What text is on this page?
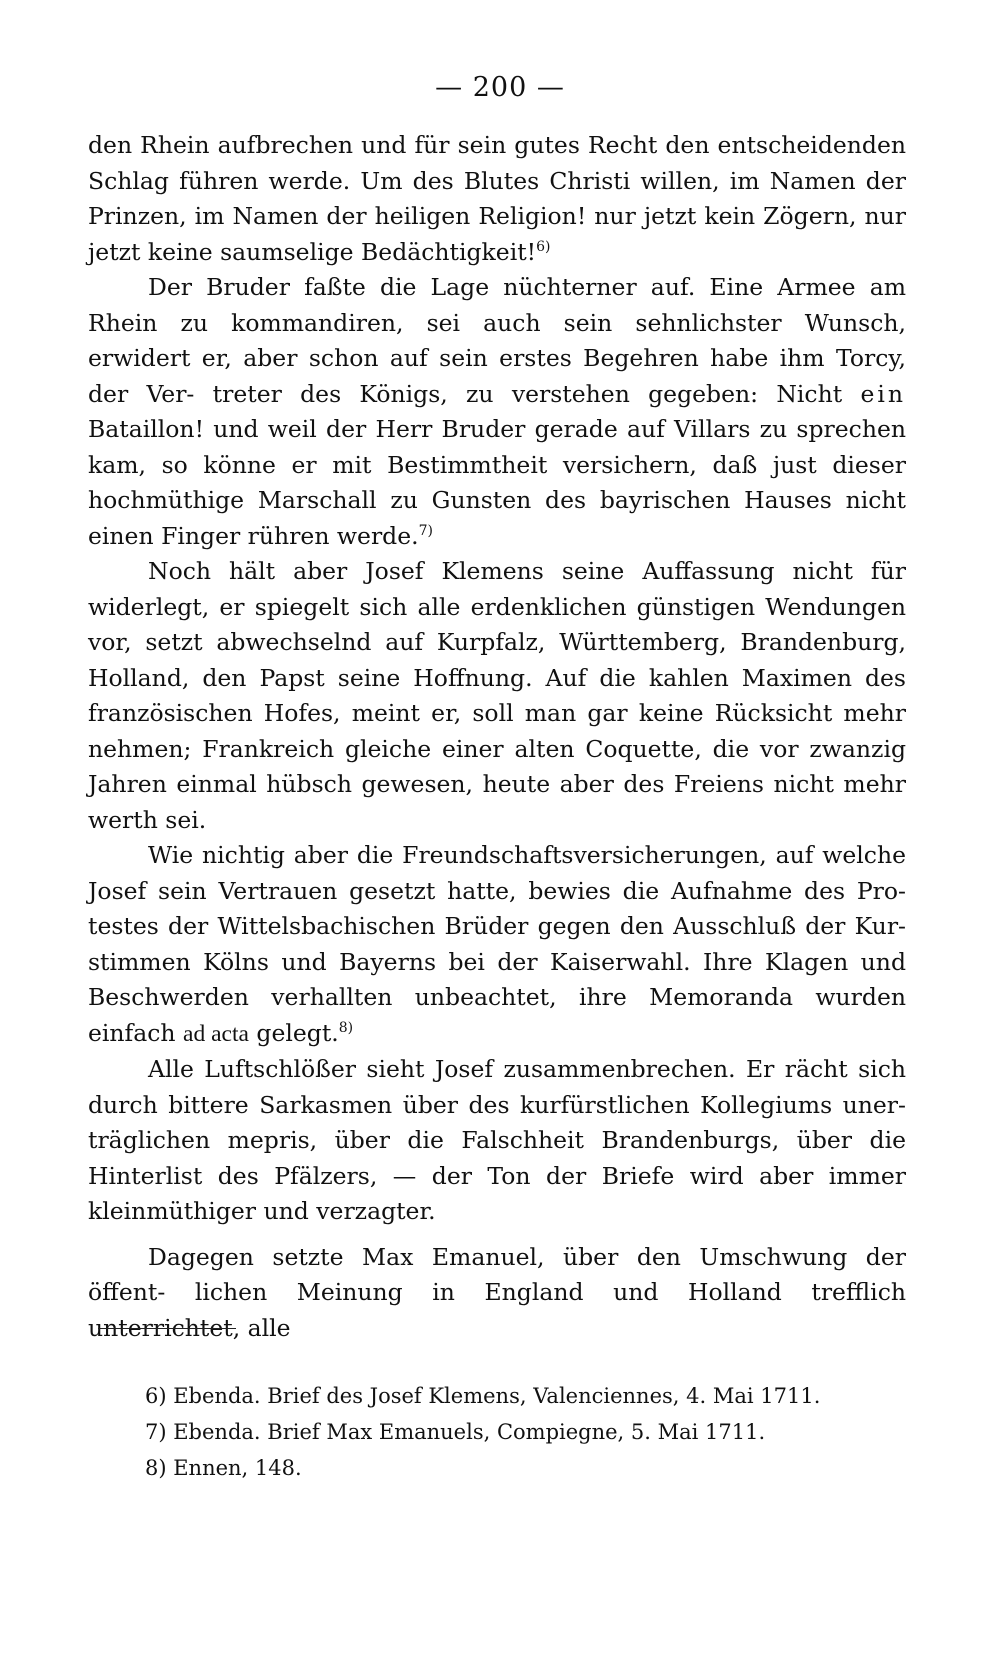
— 200 —

den Rhein aufbrechen und für sein gutes Recht den entscheidenden Schlag führen werde. Um des Blutes Christi willen, im Namen der Prinzen, im Namen der heiligen Religion! nur jetzt kein Zögern, nur jetzt keine saumselige Bedächtigkeit!$^{6)}$

Der Bruder faßte die Lage nüchterner auf. Eine Armee am Rhein zu kommandiren, sei auch sein sehnlichster Wunsch, erwidert er, aber schon auf sein erstes Begehren habe ihm Torcy, der Ver- treter des Königs, zu verstehen gegeben: Nicht ein Bataillon! und weil der Herr Bruder gerade auf Villars zu sprechen kam, so könne er mit Bestimmtheit versichern, daß just dieser hochmüthige Marschall zu Gunsten des bayrischen Hauses nicht einen Finger rühren werde.$^{7)}$

Noch hält aber Josef Klemens seine Auffassung nicht für widerlegt, er spiegelt sich alle erdenklichen günstigen Wendungen vor, setzt abwechselnd auf Kurpfalz, Württemberg, Brandenburg, Holland, den Papst seine Hoffnung. Auf die kahlen Maximen des französischen Hofes, meint er, soll man gar keine Rücksicht mehr nehmen; Frankreich gleiche einer alten Coquette, die vor zwanzig Jahren einmal hübsch gewesen, heute aber des Freiens nicht mehr werth sei.

Wie nichtig aber die Freundschaftsversicherungen, auf welche Josef sein Vertrauen gesetzt hatte, bewies die Aufnahme des Pro- testes der Wittelsbachischen Brüder gegen den Ausschluß der Kur- stimmen Kölns und Bayerns bei der Kaiserwahl. Ihre Klagen und Beschwerden verhallten unbeachtet, ihre Memoranda wurden einfach ad acta gelegt.$^{8)}$

Alle Luftschlößer sieht Josef zusammenbrechen. Er rächt sich durch bittere Sarkasmen über des kurfürstlichen Kollegiums uner- träglichen mepris, über die Falschheit Brandenburgs, über die Hinterlist des Pfälzers, — der Ton der Briefe wird aber immer kleinmüthiger und verzagter.

Dagegen setzte Max Emanuel, über den Umschwung der öffent- lichen Meinung in England und Holland trefflich unterrichtet, alle

6) Ebenda. Brief des Josef Klemens, Valenciennes, 4. Mai 1711.
7) Ebenda. Brief Max Emanuels, Compiegne, 5. Mai 1711.
8) Ennen, 148.
